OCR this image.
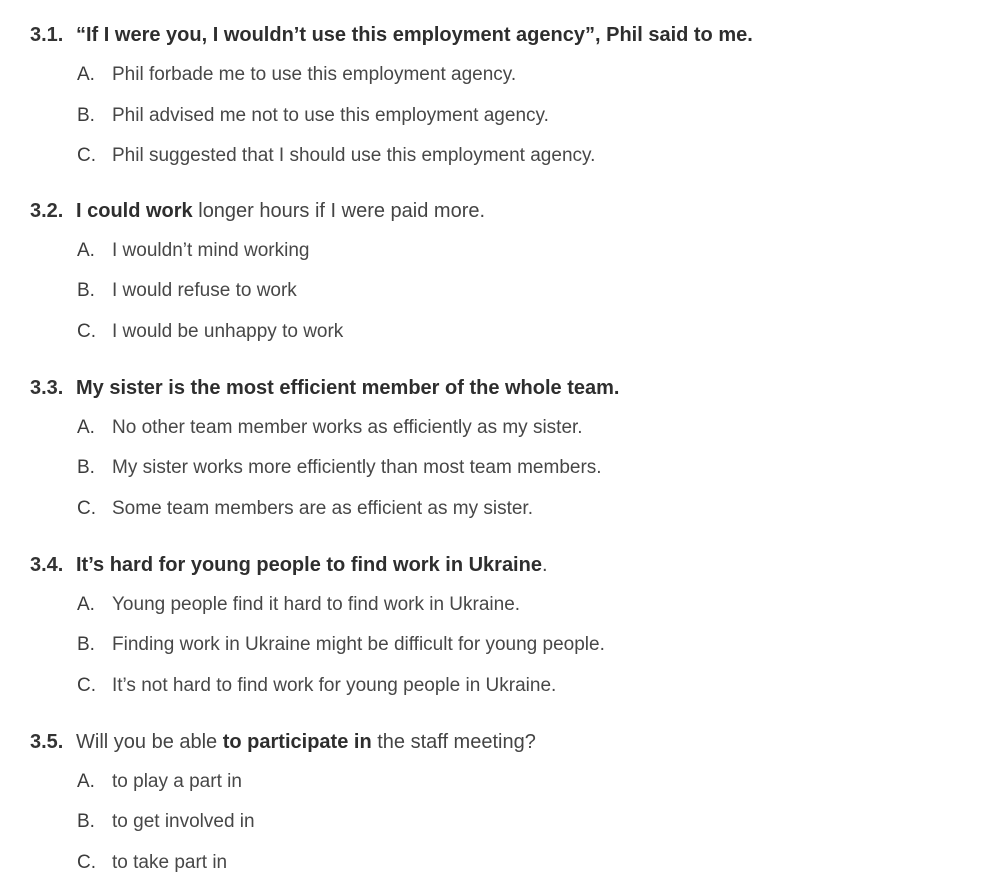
3.1. “If I were you, I wouldn’t use this employment agency”, Phil said to me.
A. Phil forbade me to use this employment agency.
B. Phil advised me not to use this employment agency.
C. Phil suggested that I should use this employment agency.
3.2. I could work longer hours if I were paid more.
A. I wouldn’t mind working
B. I would refuse to work
C. I would be unhappy to work
3.3. My sister is the most efficient member of the whole team.
A. No other team member works as efficiently as my sister.
B. My sister works more efficiently than most team members.
C. Some team members are as efficient as my sister.
3.4. It’s hard for young people to find work in Ukraine.
A. Young people find it hard to find work in Ukraine.
B. Finding work in Ukraine might be difficult for young people.
C. It’s not hard to find work for young people in Ukraine.
3.5. Will you be able to participate in the staff meeting?
A. to play a part in
B. to get involved in
C. to take part in
